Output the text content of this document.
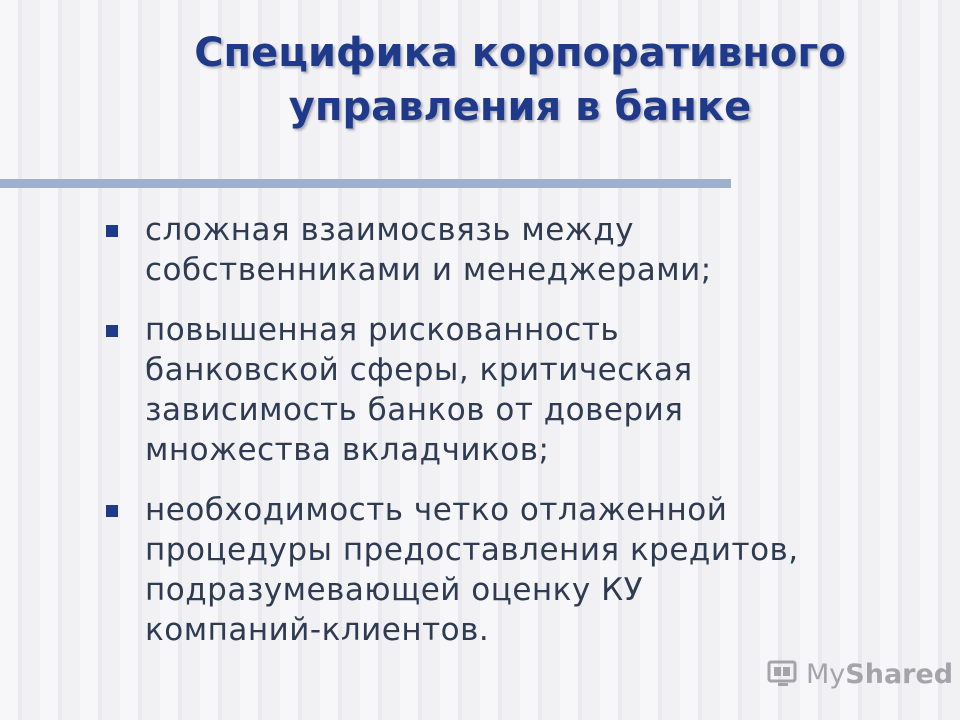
Специфика корпоративного
управления в банке
сложная взаимосвязь между
собственниками и менеджерами;
повышенная рискованность
банковской сферы, критическая
зависимость банков от доверия
множества вкладчиков;
необходимость четко отлаженной
процедуры предоставления кредитов,
подразумевающей оценку КУ
компаний-клиентов.
MyShared
